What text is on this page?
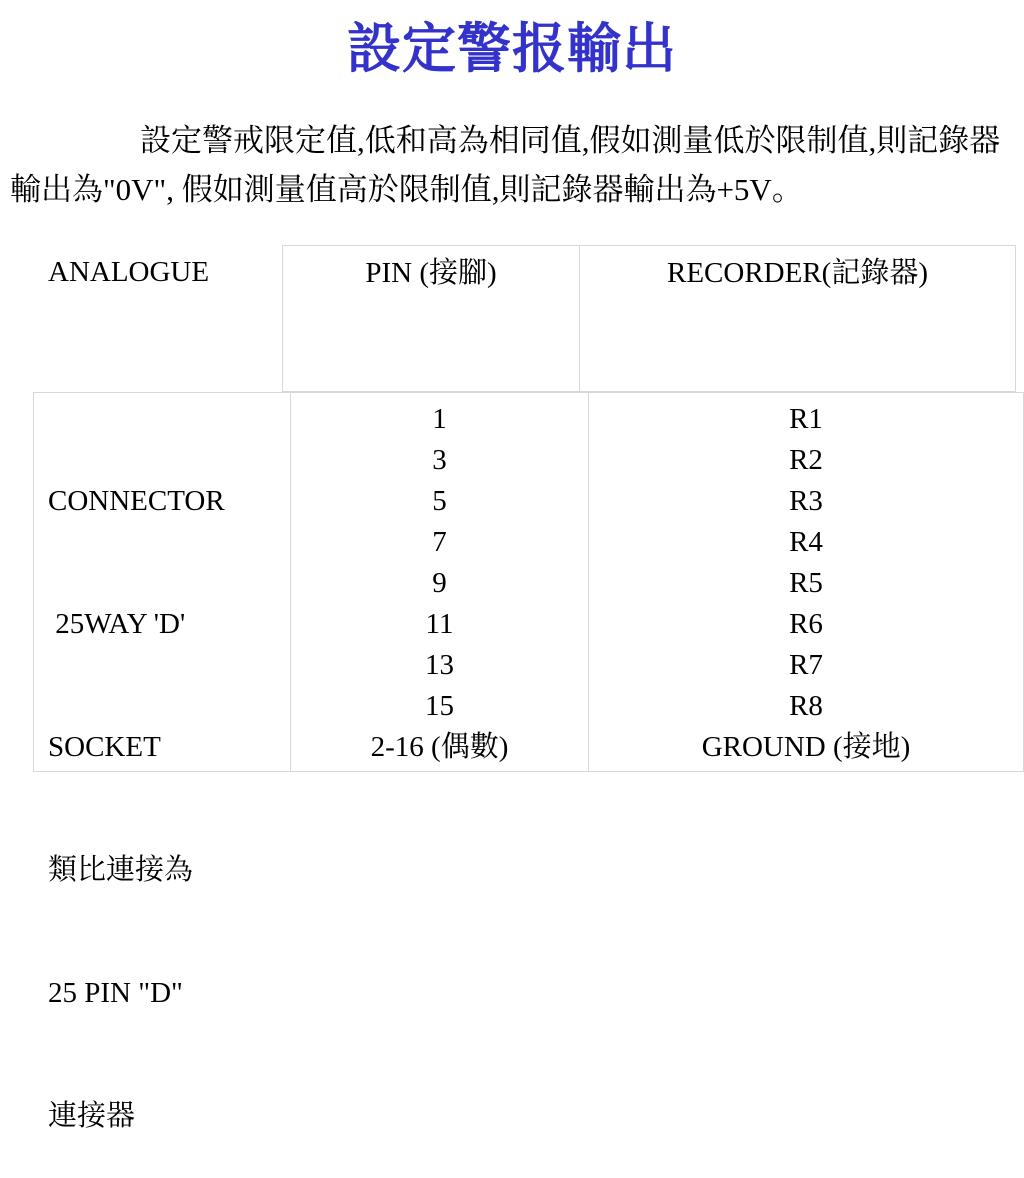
設定警报輸出
設定警戒限定值,低和高為相同值,假如測量低於限制值,則記錄器輸出為"0V", 假如測量值高於限制值,則記錄器輸出為+5V。
ANALOGUE	PIN (接腳)	RECORDER(記錄器)

CONNECTOR

25WAY 'D'

SOCKET

類比連接為

25 PIN "D"

連接器

1
3
5
7
9
11
13
15
2-16 (偶數)
R1
R2
R3
R4
R5
R6
R7
R8
GROUND (接地)
